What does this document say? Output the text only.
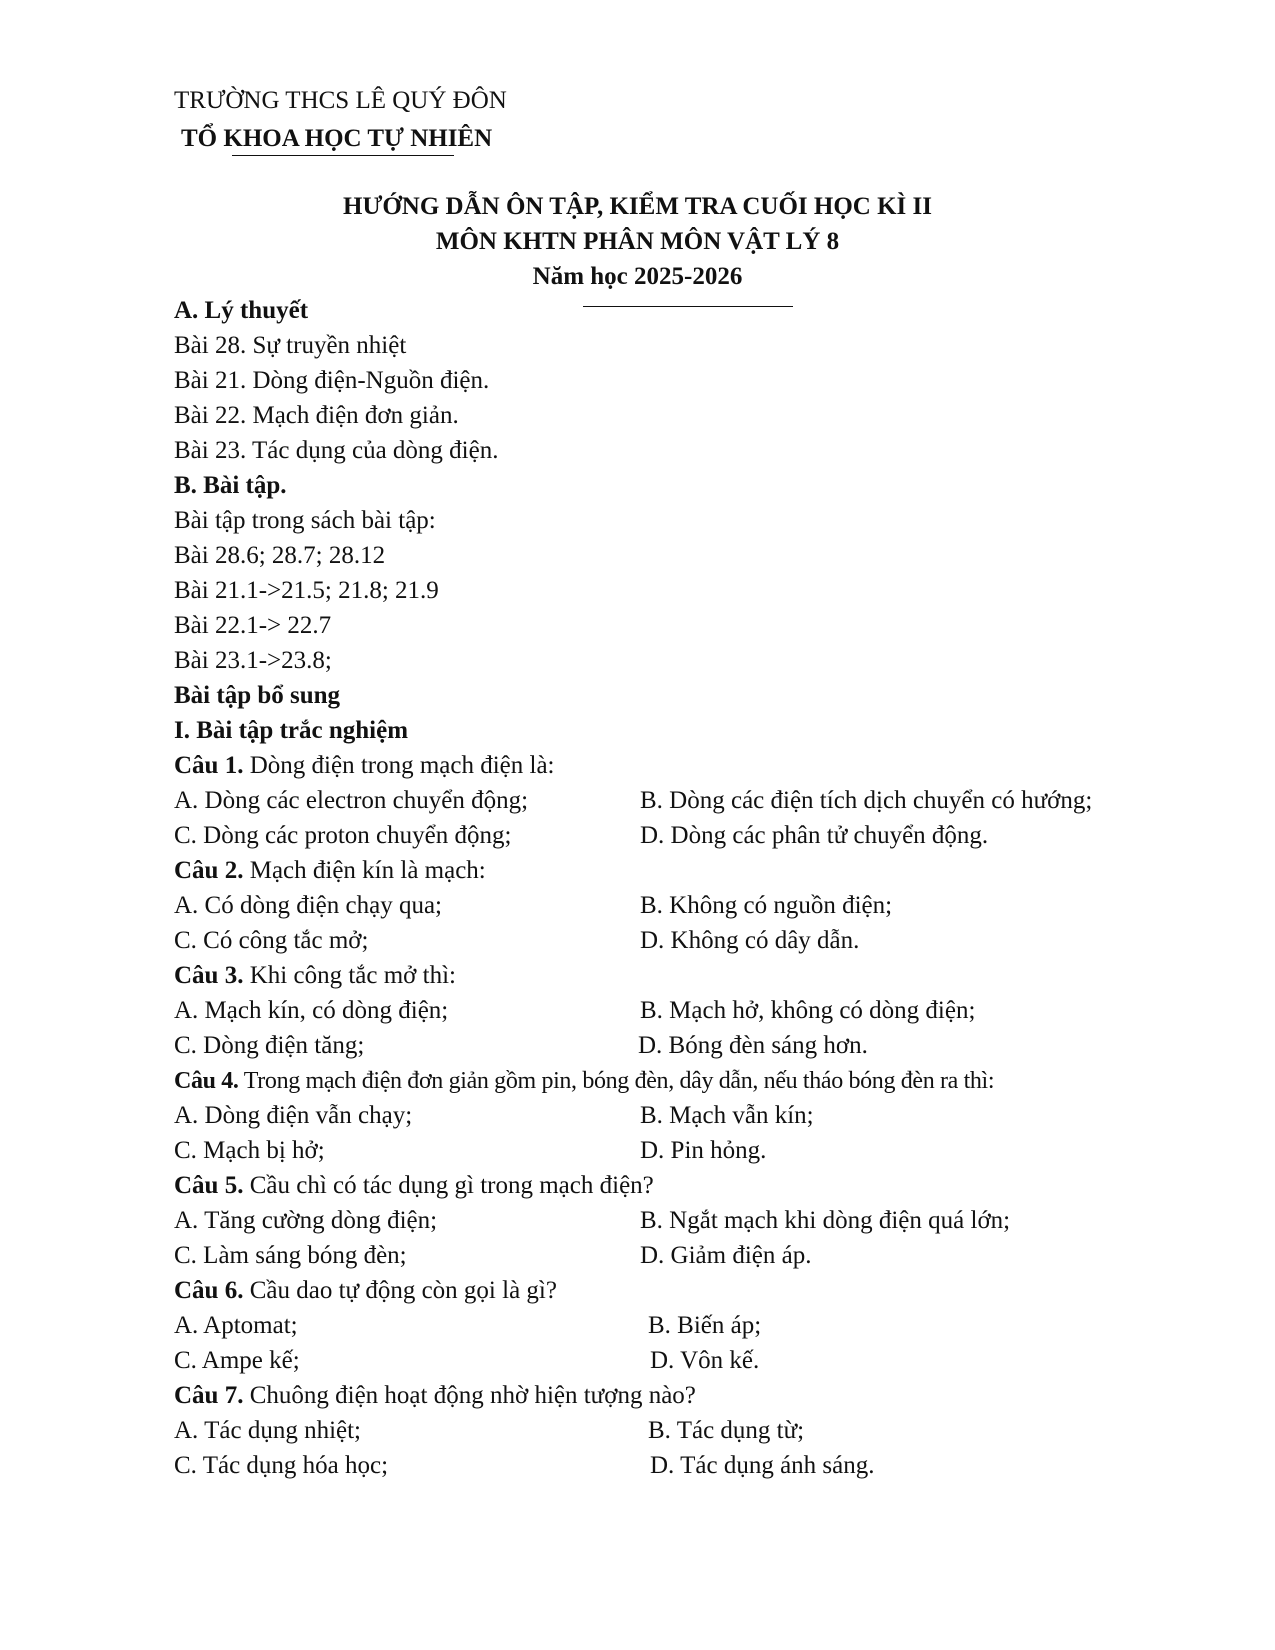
TRƯỜNG THCS LÊ QUÝ ĐÔN
TỔ KHOA HỌC TỰ NHIÊN
HƯỚNG DẪN ÔN TẬP, KIỂM TRA CUỐI HỌC KÌ II
MÔN KHTN PHÂN MÔN VẬT LÝ 8
Năm học 2025-2026
A. Lý thuyết
Bài 28. Sự truyền nhiệt
Bài 21. Dòng điện-Nguồn điện.
Bài 22. Mạch điện đơn giản.
Bài 23. Tác dụng của dòng điện.
B. Bài tập.
Bài tập trong sách bài tập:
Bài 28.6; 28.7; 28.12
Bài 21.1->21.5; 21.8; 21.9
Bài 22.1-> 22.7
Bài 23.1->23.8;
Bài tập bổ sung
I. Bài tập trắc nghiệm
Câu 1. Dòng điện trong mạch điện là:
A. Dòng các electron chuyển động;	B. Dòng các điện tích dịch chuyển có hướng;
C. Dòng các proton chuyển động;	D. Dòng các phân tử chuyển động.
Câu 2. Mạch điện kín là mạch:
A. Có dòng điện chạy qua;	B. Không có nguồn điện;
C. Có công tắc mở;	D. Không có dây dẫn.
Câu 3. Khi công tắc mở thì:
A. Mạch kín, có dòng điện;	B. Mạch hở, không có dòng điện;
C. Dòng điện tăng;	D. Bóng đèn sáng hơn.
Câu 4. Trong mạch điện đơn giản gồm pin, bóng đèn, dây dẫn, nếu tháo bóng đèn ra thì:
A. Dòng điện vẫn chạy;	B. Mạch vẫn kín;
C. Mạch bị hở;	D. Pin hỏng.
Câu 5. Cầu chì có tác dụng gì trong mạch điện?
A. Tăng cường dòng điện;	B. Ngắt mạch khi dòng điện quá lớn;
C. Làm sáng bóng đèn;	D. Giảm điện áp.
Câu 6. Cầu dao tự động còn gọi là gì?
A. Aptomat;	B. Biến áp;
C. Ampe kế;	D. Vôn kế.
Câu 7. Chuông điện hoạt động nhờ hiện tượng nào?
A. Tác dụng nhiệt;	B. Tác dụng từ;
C. Tác dụng hóa học;	D. Tác dụng ánh sáng.
